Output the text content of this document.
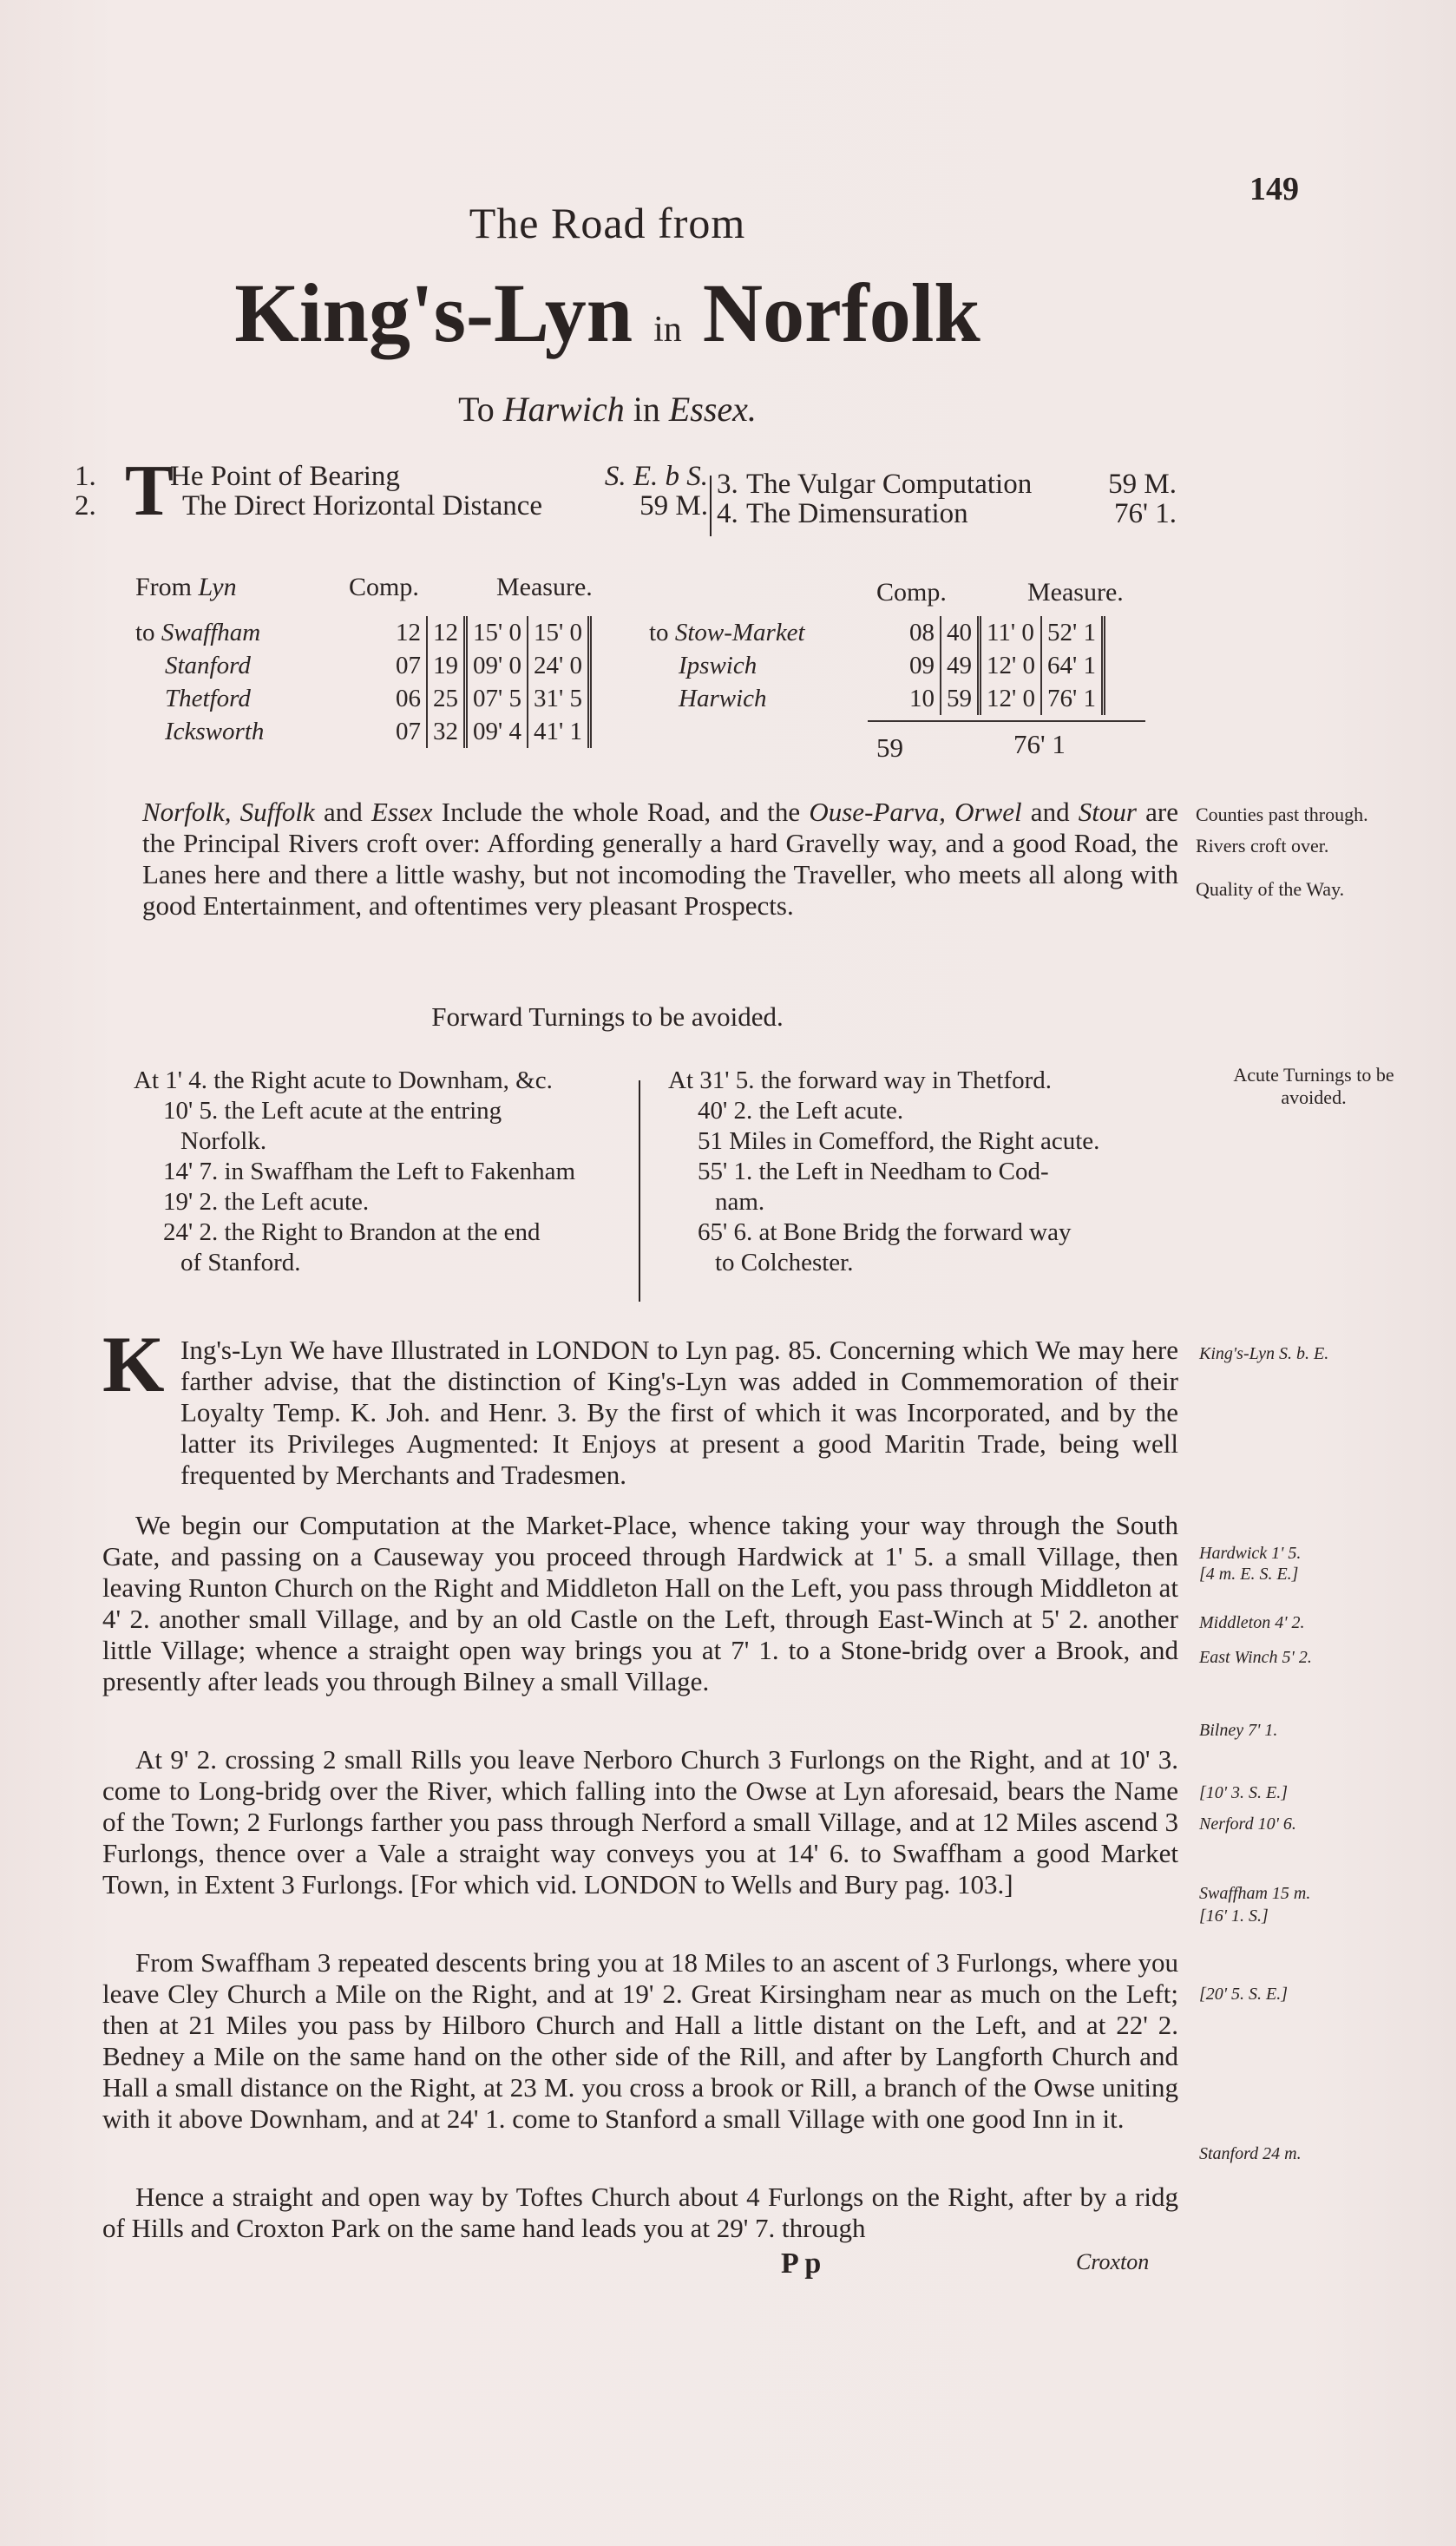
149
The Road from
King's-Lyn in Norfolk
To Harwich in Essex.
1. T
He Point of Bearing	S. E. b S.
2.	The Direct Horizontal Distance	59 M.
3. The Vulgar Computation	59 M.
4. The Dimensuration	76' 1.
From Lyn	Comp.	Measure.
to Swaffham	12	12	15' 0	15' 0	
Stanford	07	19	09' 0	24' 0	
Thetford	06	25	07' 5	31' 5	
Icksworth	07	32	09' 4	41' 1	
Comp.	Measure.
to Stow-Market	08	40	11' 0	52' 1	
Ipswich	09	49	12' 0	64' 1	
Harwich	10	59	12' 0	76' 1	
59	76' 1
Norfolk, Suffolk and Essex Include the whole Road, and the Ouse-Parva, Orwel and Stour are the Principal Rivers croft over: Affording generally a hard Gravelly way, and a good Road, the Lanes here and there a little washy, but not incomoding the Traveller, who meets all along with good Entertainment, and oftentimes very pleasant Prospects.
Counties past through.
Rivers croft over.
Quality of the Way.
Forward Turnings to be avoided.
Acute Turnings to be avoided.
At 1' 4. the Right acute to Downham, &c.
10' 5. the Left acute at the entring
Norfolk.
14' 7. in Swaffham the Left to Fakenham
19' 2. the Left acute.
24' 2. the Right to Brandon at the end
of Stanford.
At 31' 5. the forward way in Thetford.
40' 2. the Left acute.
51 Miles in Comefford, the Right acute.
55' 1. the Left in Needham to Cod-
nam.
65' 6. at Bone Bridg the forward way
to Colchester.
K Ing's-Lyn We have Illustrated in LONDON to Lyn pag. 85. Concerning which We may here farther advise, that the distinction of King's-Lyn was added in Commemoration of their Loyalty Temp. K. Joh. and Henr. 3. By the first of which it was Incorporated, and by the latter its Privileges Augmented: It Enjoys at present a good Maritin Trade, being well frequented by Merchants and Tradesmen.
We begin our Computation at the Market-Place, whence taking your way through the South Gate, and passing on a Causeway you proceed through Hardwick at 1' 5. a small Village, then leaving Runton Church on the Right and Middleton Hall on the Left, you pass through Middleton at 4' 2. another small Village, and by an old Castle on the Left, through East-Winch at 5' 2. another little Village; whence a straight open way brings you at 7' 1. to a Stone-bridg over a Brook, and presently after leads you through Bilney a small Village.
At 9' 2. crossing 2 small Rills you leave Nerboro Church 3 Furlongs on the Right, and at 10' 3. come to Long-bridg over the River, which falling into the Owse at Lyn aforesaid, bears the Name of the Town; 2 Furlongs farther you pass through Nerford a small Village, and at 12 Miles ascend 3 Furlongs, thence over a Vale a straight way conveys you at 14' 6. to Swaffham a good Market Town, in Extent 3 Furlongs. [For which vid. LONDON to Wells and Bury pag. 103.]
From Swaffham 3 repeated descents bring you at 18 Miles to an ascent of 3 Furlongs, where you leave Cley Church a Mile on the Right, and at 19' 2. Great Kirsingham near as much on the Left; then at 21 Miles you pass by Hilboro Church and Hall a little distant on the Left, and at 22' 2. Bedney a Mile on the same hand on the other side of the Rill, and after by Langforth Church and Hall a small distance on the Right, at 23 M. you cross a brook or Rill, a branch of the Owse uniting with it above Downham, and at 24' 1. come to Stanford a small Village with one good Inn in it.
Hence a straight and open way by Toftes Church about 4 Furlongs on the Right, after by a ridg of Hills and Croxton Park on the same hand leads you at 29' 7. through
King's-Lyn S. b. E.
Hardwick 1' 5.
[4 m. E. S. E.]
Middleton 4' 2.
East Winch 5' 2.
Bilney 7' 1.
[10' 3. S. E.]
Nerford 10' 6.
Swaffham 15 m.
[16' 1. S.]
[20' 5. S. E.]
Stanford 24 m.
P p	Croxton
